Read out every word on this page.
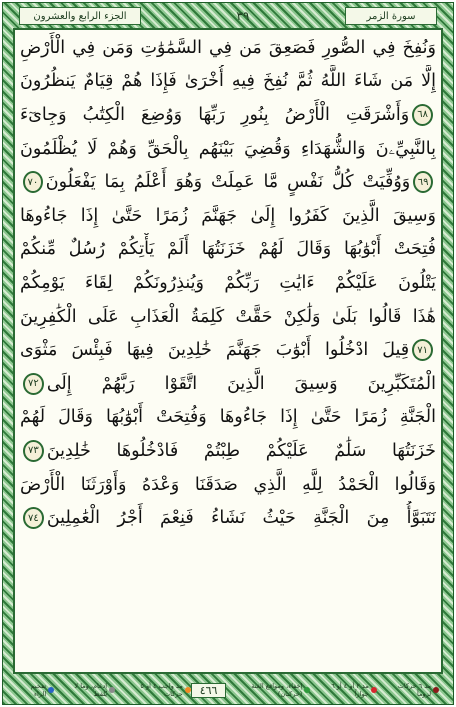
الجزء الرابع والعشرون	٣٩	سورة الزمر
وَنُفِخَ فِي الصُّورِ فَصَعِقَ مَن فِي السَّمَٰوَٰتِ وَمَن فِي الْأَرْضِ
إِلَّا مَن شَاءَ اللَّهُ ثُمَّ نُفِخَ فِيهِ أُخْرَىٰ فَإِذَا هُمْ قِيَامٌ يَنظُرُونَ
٦٨
وَأَشْرَقَتِ الْأَرْضُ بِنُورِ رَبِّهَا وَوُضِعَ الْكِتَٰبُ وَجِاىٓءَ
بِالنَّبِيِّۦنَ وَالشُّهَدَاءِ وَقُضِيَ بَيْنَهُم بِالْحَقِّ وَهُمْ لَا يُظْلَمُونَ
٦٩
وَوُفِّيَتْ كُلُّ نَفْسٍ مَّا عَمِلَتْ وَهُوَ أَعْلَمُ بِمَا يَفْعَلُونَ
٧٠
وَسِيقَ الَّذِينَ كَفَرُوا إِلَىٰ جَهَنَّمَ زُمَرًا حَتَّىٰ إِذَا جَاءُوهَا
فُتِحَتْ أَبْوَٰبُهَا وَقَالَ لَهُمْ خَزَنَتُهَا أَلَمْ يَأْتِكُمْ رُسُلٌ مِّنكُمْ
يَتْلُونَ عَلَيْكُمْ ءَايَٰتِ رَبِّكُمْ وَيُنذِرُونَكُمْ لِقَاءَ يَوْمِكُمْ
هَٰذَا قَالُوا بَلَىٰ وَلَٰكِنْ حَقَّتْ كَلِمَةُ الْعَذَابِ عَلَى الْكَٰفِرِينَ
٧١
قِيلَ ادْخُلُوا أَبْوَٰبَ جَهَنَّمَ خَٰلِدِينَ فِيهَا فَبِئْسَ مَثْوَى
الْمُتَكَبِّرِينَ وَسِيقَ الَّذِينَ اتَّقَوْا رَبَّهُمْ إِلَى
٧٢
الْجَنَّةِ زُمَرًا حَتَّىٰ إِذَا جَاءُوهَا وَفُتِحَتْ أَبْوَٰبُهَا وَقَالَ لَهُمْ
خَزَنَتُهَا سَلَٰمٌ عَلَيْكُمْ طِبْتُمْ فَادْخُلُوهَا خَٰلِدِينَ
٧٣
وَقَالُوا الْحَمْدُ لِلَّهِ الَّذِي صَدَقَنَا وَعْدَهُ وَأَوْرَثَنَا الْأَرْضَ
نَتَبَوَّأُ مِنَ الْجَنَّةِ حَيْثُ نَشَاءُ فَنِعْمَ أَجْرُ الْعَٰمِلِينَ
٧٤
مد ٦ حركات لزوماً
مد ٢ أو ٤ أو ٦ جوازاً
إخفاء، ومواقع الغنة (حركتان)
٤٦٦
مد واجب ٤ أو ٥ حركات
إدغام، وما لا يُلفظ
تفخيم الراء
